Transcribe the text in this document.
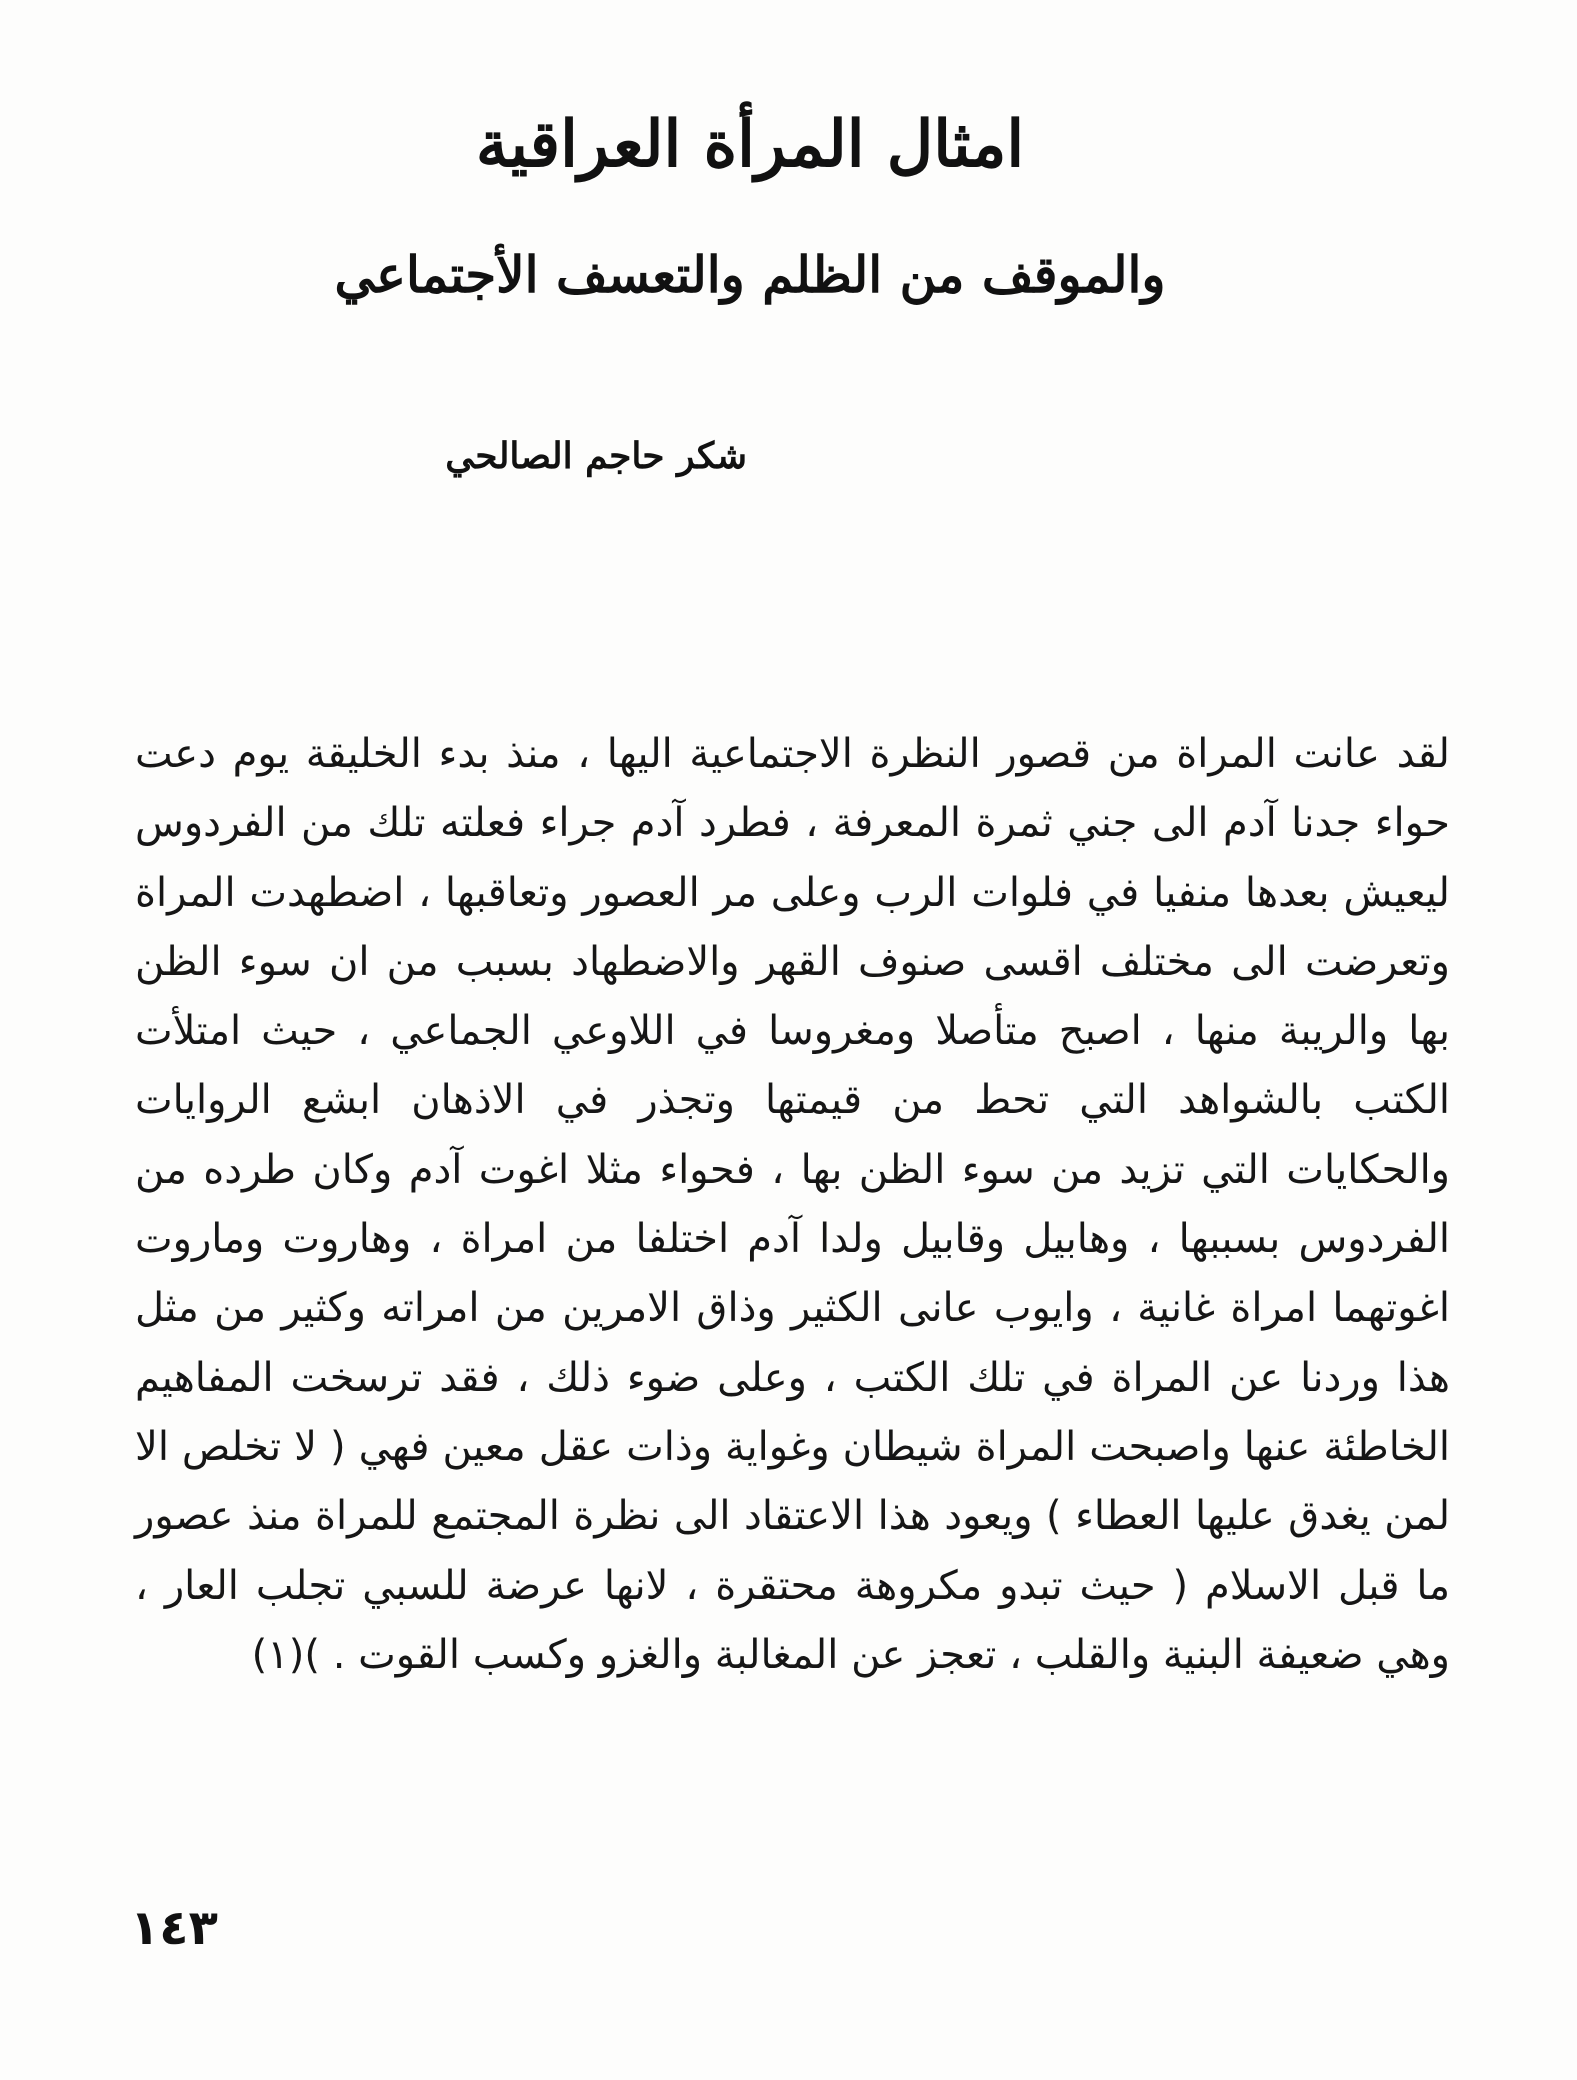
امثال المرأة العراقية
والموقف من الظلم والتعسف الأجتماعي
شكر حاجم الصالحي

لقد عانت المراة من قصور النظرة الاجتماعية اليها ، منذ بدء الخليقة يوم دعت حواء جدنا آدم الى جني ثمرة المعرفة ، فطرد آدم جراء فعلته تلك من الفردوس ليعيش بعدها منفيا في فلوات الرب وعلى مر العصور وتعاقبها ، اضطهدت المراة وتعرضت الى مختلف اقسى صنوف القهر والاضطهاد بسبب من ان سوء الظن بها والريبة منها ، اصبح متأصلا ومغروسا في اللاوعي الجماعي ، حيث امتلأت الكتب بالشواهد التي تحط من قيمتها وتجذر في الاذهان ابشع الروايات والحكايات التي تزيد من سوء الظن بها ، فحواء مثلا اغوت آدم وكان طرده من الفردوس بسببها ، وهابيل وقابيل ولدا آدم اختلفا من امراة ، وهاروت وماروت اغوتهما امراة غانية ، وايوب عانى الكثير وذاق الامرين من امراته وكثير من مثل هذا وردنا عن المراة في تلك الكتب ، وعلى ضوء ذلك ، فقد ترسخت المفاهيم الخاطئة عنها واصبحت المراة شيطان وغواية وذات عقل معين فهي ( لا تخلص الا لمن يغدق عليها العطاء ) ويعود هذا الاعتقاد الى نظرة المجتمع للمراة منذ عصور ما قبل الاسلام ( حيث تبدو مكروهة محتقرة ، لانها عرضة للسبي تجلب العار ، وهي ضعيفة البنية والقلب ، تعجز عن المغالبة والغزو وكسب القوت . )(١)

١٤٣
